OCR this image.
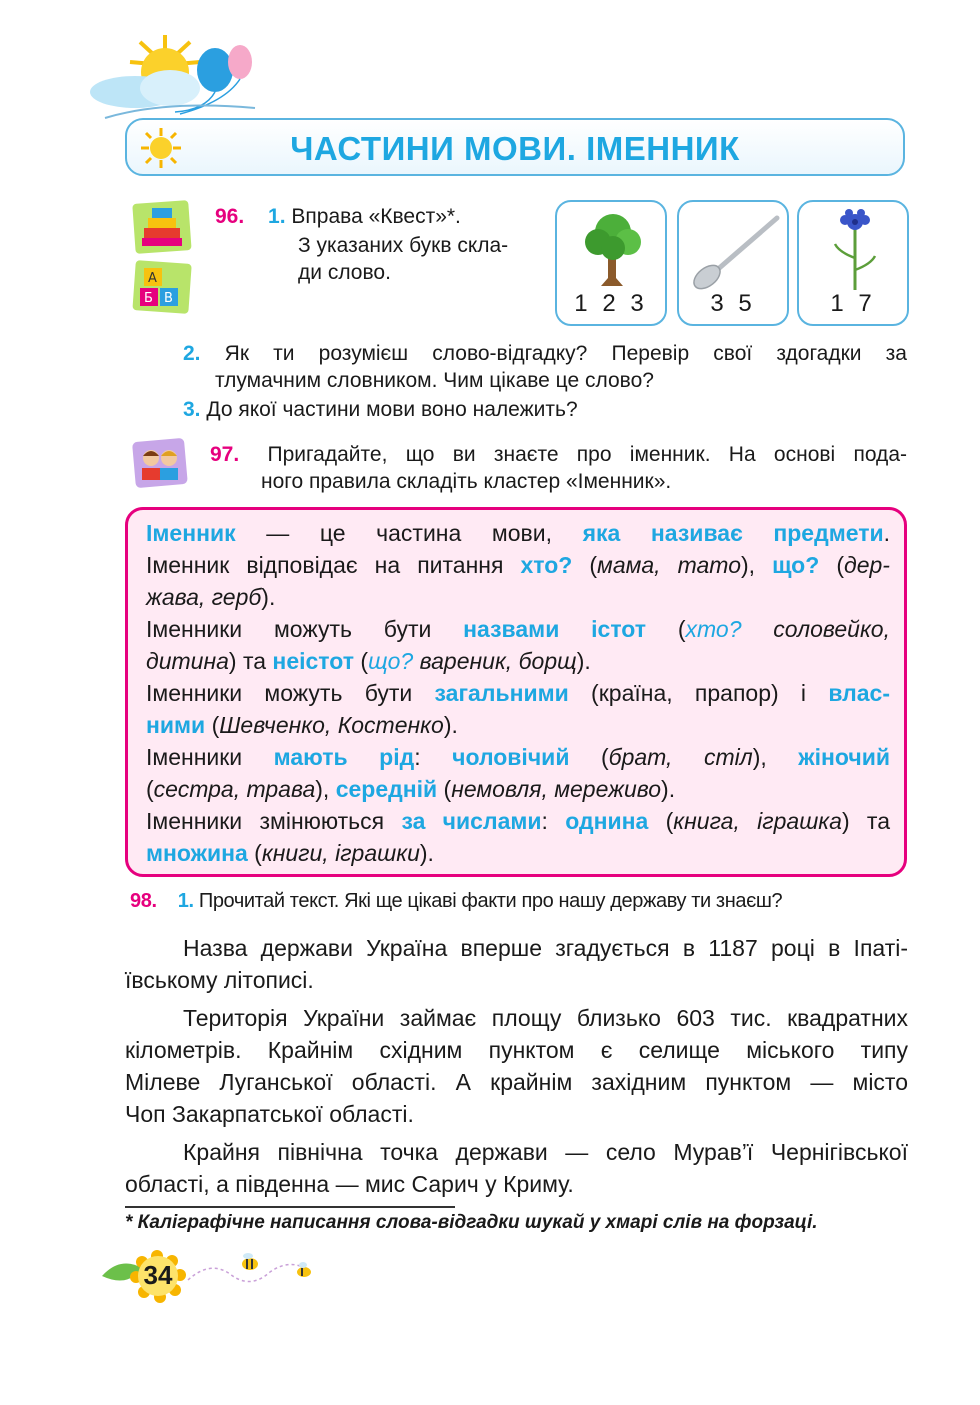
ЧАСТИНИ МОВИ. ІМЕННИК
А
Б В
96. 1. Вправа «Квест»*.
З указаних букв скла-
ди слово.
1 2 3	3 5	1 7
2. Як ти розумієш слово-відгадку? Перевір свої здогадки за
тлумачним словником. Чим цікаве це слово?
3. До якої частини мови воно належить?
97. Пригадайте, що ви знаєте про іменник. На основі пода-
ного правила складіть кластер «Іменник».
Іменник — це частина мови, яка називає предмети.
Іменник відповідає на питання хто? (мама, тато), що? (дер-
жава, герб).
Іменники можуть бути назвами істот (хто? соловейко,
дитина) та неістот (що? вареник, борщ).
Іменники можуть бути загальними (країна, прапор) і влас-
ними (Шевченко, Костенко).
Іменники мають рід: чоловічий (брат, стіл), жіночий
(сестра, трава), середній (немовля, мереживо).
Іменники змінюються за числами: однина (книга, іграшка) та
множина (книги, іграшки).
98. 1. Прочитай текст. Які ще цікаві факти про нашу державу ти знаєш?
Назва держави Україна вперше згадується в 1187 році в Іпаті-
ївському літописі.
Територія України займає площу близько 603 тис. квадратних
кілометрів. Крайнім східним пунктом є селище міського типу
Мілеве Луганської області. А крайнім західним пунктом — місто
Чоп Закарпатської області.
Крайня північна точка держави — село Мурав’ї Чернігівської
області, а південна — мис Сарич у Криму.
* Каліграфічне написання слова-відгадки шукай у хмарі слів на форзаці.
34
